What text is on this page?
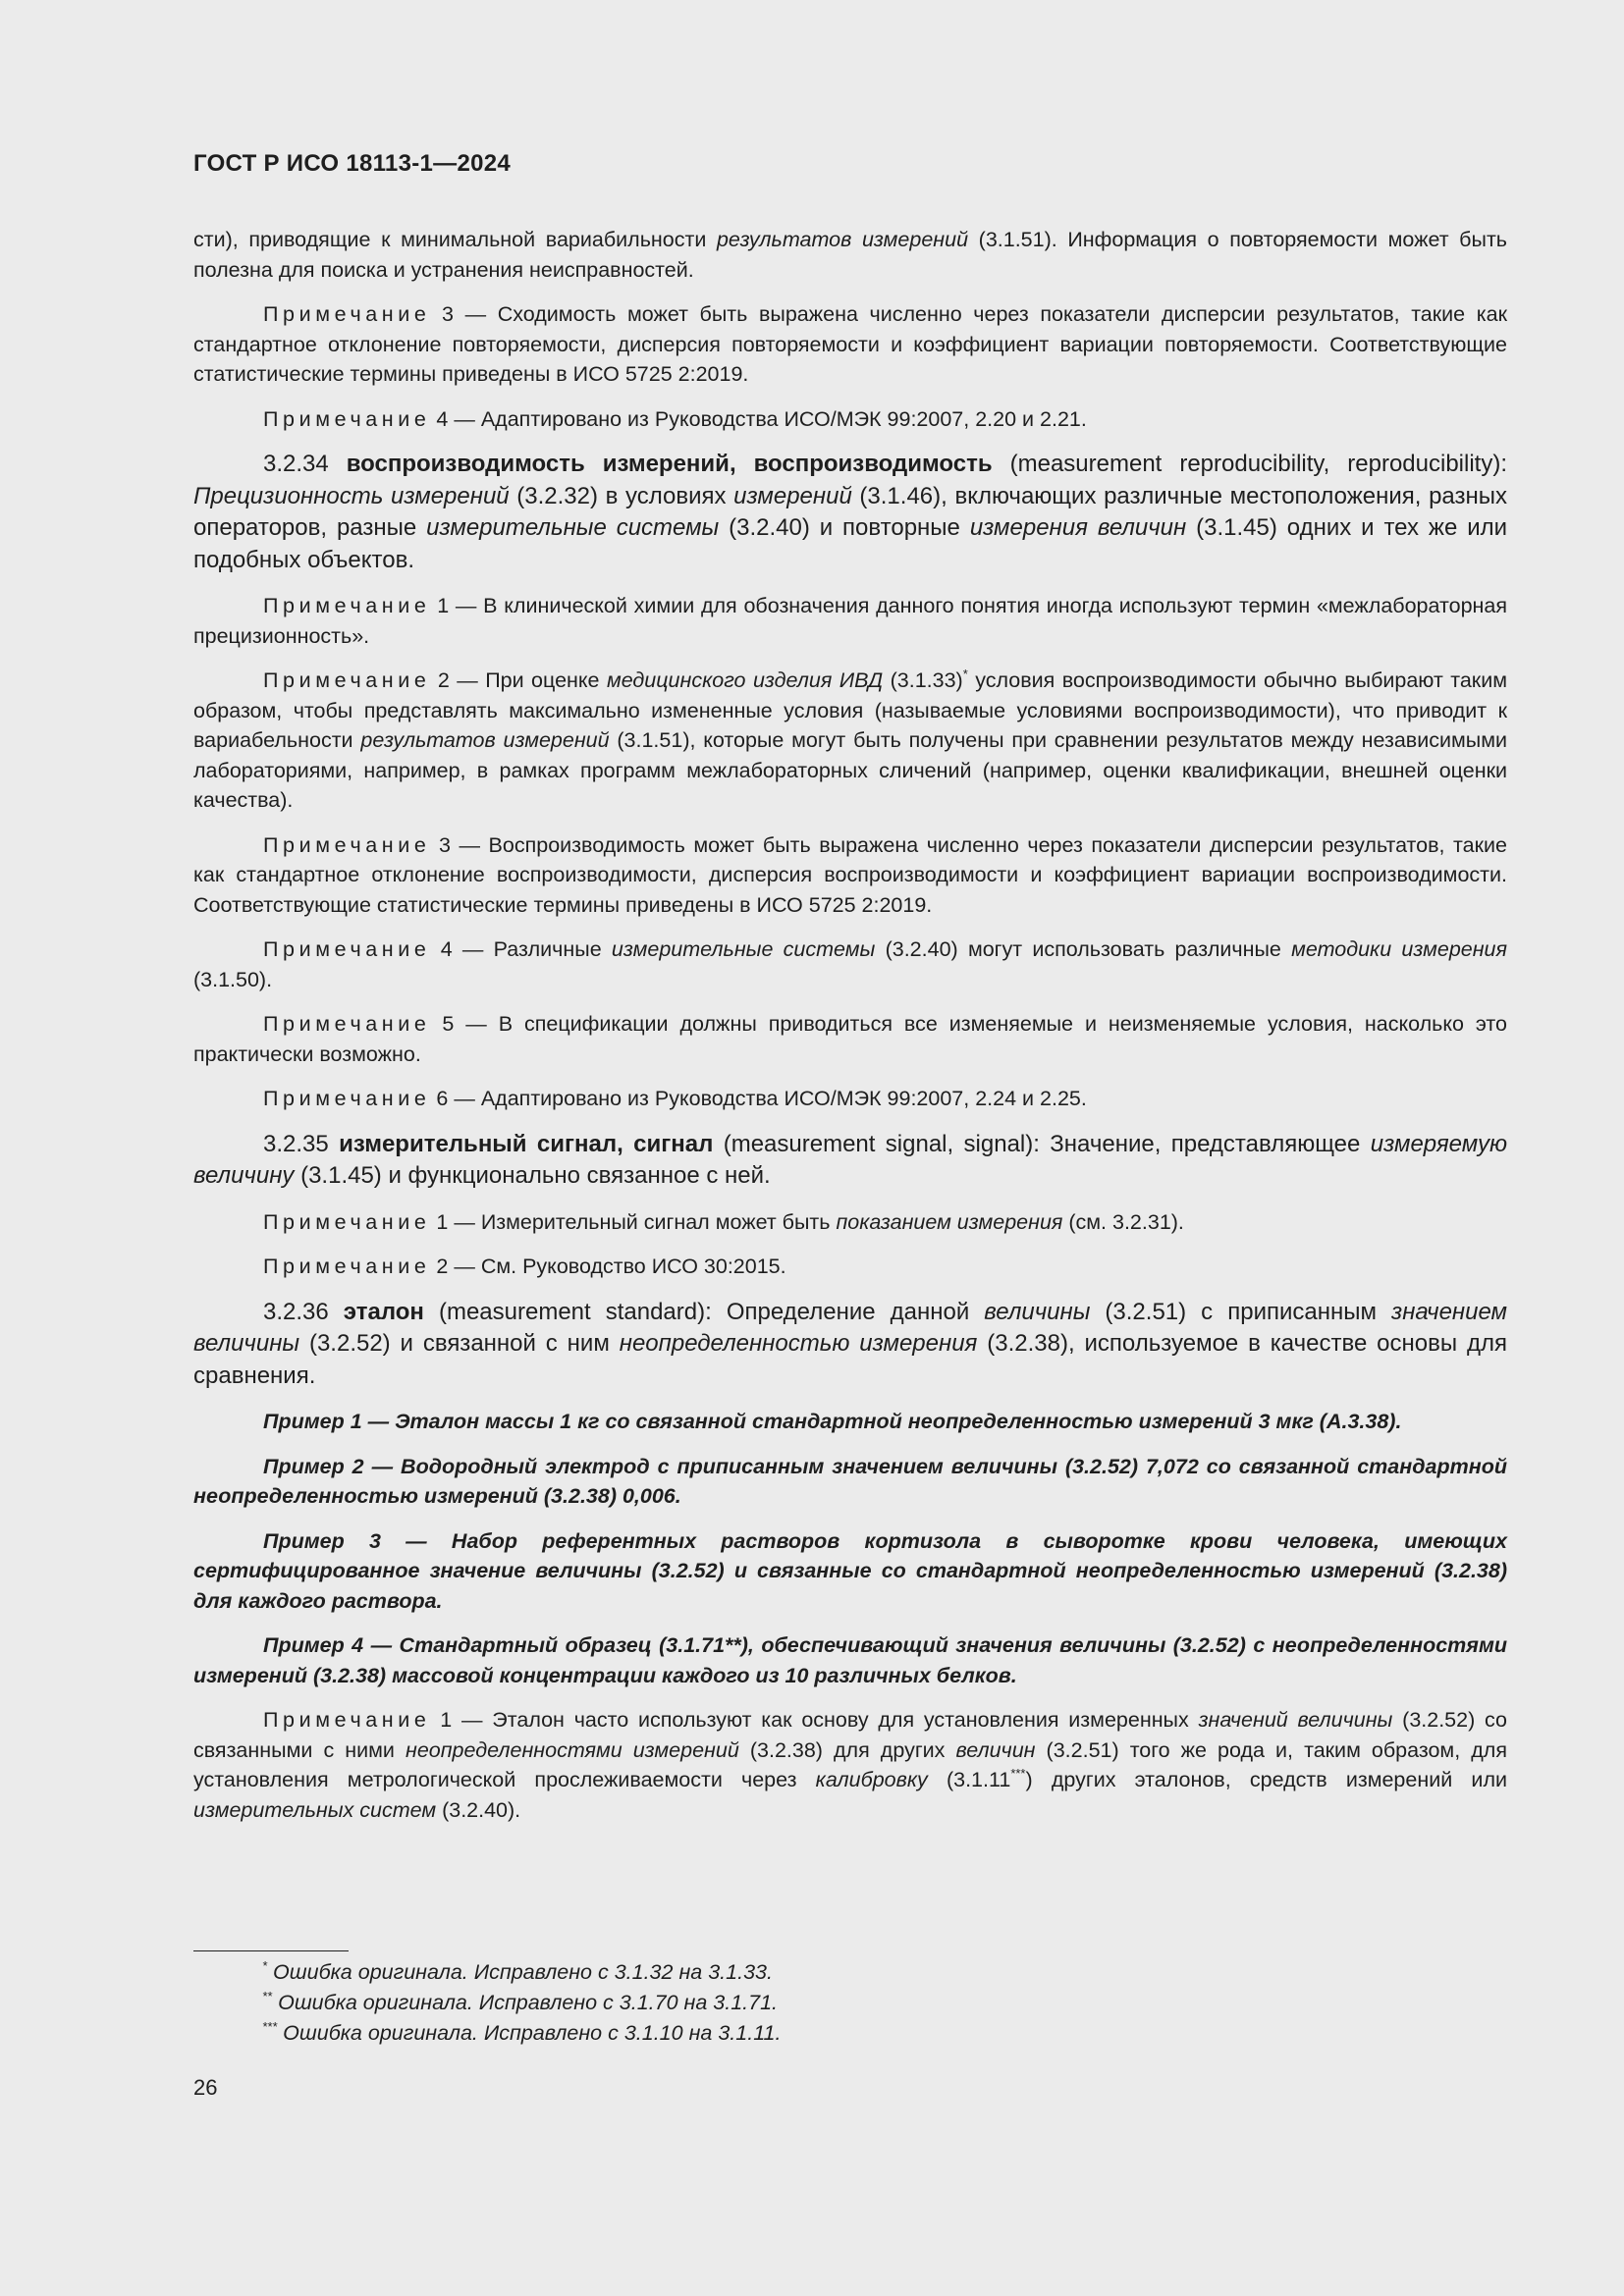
ГОСТ Р ИСО 18113-1—2024

сти), приводящие к минимальной вариабильности результатов измерений (3.1.51). Информация о повторяемости может быть полезна для поиска и устранения неисправностей.

Примечание 3 — Сходимость может быть выражена численно через показатели дисперсии результатов, такие как стандартное отклонение повторяемости, дисперсия повторяемости и коэффициент вариации повторяемости. Соответствующие статистические термины приведены в ИСО 5725 2:2019.

Примечание 4 — Адаптировано из Руководства ИСО/МЭК 99:2007, 2.20 и 2.21.

3.2.34 воспроизводимость измерений, воспроизводимость (measurement reproducibility, reproducibility): Прецизионность измерений (3.2.32) в условиях измерений (3.1.46), включающих различные местоположения, разных операторов, разные измерительные системы (3.2.40) и повторные измерения величин (3.1.45) одних и тех же или подобных объектов.

Примечание 1 — В клинической химии для обозначения данного понятия иногда используют термин «межлабораторная прецизионность».

Примечание 2 — При оценке медицинского изделия ИВД (3.1.33)* условия воспроизводимости обычно выбирают таким образом, чтобы представлять максимально измененные условия (называемые условиями воспроизводимости), что приводит к вариабельности результатов измерений (3.1.51), которые могут быть получены при сравнении результатов между независимыми лабораториями, например, в рамках программ межлабораторных сличений (например, оценки квалификации, внешней оценки качества).

Примечание 3 — Воспроизводимость может быть выражена численно через показатели дисперсии результатов, такие как стандартное отклонение воспроизводимости, дисперсия воспроизводимости и коэффициент вариации воспроизводимости. Соответствующие статистические термины приведены в ИСО 5725 2:2019.

Примечание 4 — Различные измерительные системы (3.2.40) могут использовать различные методики измерения (3.1.50).

Примечание 5 — В спецификации должны приводиться все изменяемые и неизменяемые условия, насколько это практически возможно.

Примечание 6 — Адаптировано из Руководства ИСО/МЭК 99:2007, 2.24 и 2.25.

3.2.35 измерительный сигнал, сигнал (measurement signal, signal): Значение, представляющее измеряемую величину (3.1.45) и функционально связанное с ней.

Примечание 1 — Измерительный сигнал может быть показанием измерения (см. 3.2.31).

Примечание 2 — См. Руководство ИСО 30:2015.

3.2.36 эталон (measurement standard): Определение данной величины (3.2.51) с приписанным значением величины (3.2.52) и связанной с ним неопределенностью измерения (3.2.38), используемое в качестве основы для сравнения.

Пример 1 — Эталон массы 1 кг со связанной стандартной неопределенностью измерений 3 мкг (А.3.38).

Пример 2 — Водородный электрод с приписанным значением величины (3.2.52) 7,072 со связанной стандартной неопределенностью измерений (3.2.38) 0,006.

Пример 3 — Набор референтных растворов кортизола в сыворотке крови человека, имеющих сертифицированное значение величины (3.2.52) и связанные со стандартной неопределенностью измерений (3.2.38) для каждого раствора.

Пример 4 — Стандартный образец (3.1.71**), обеспечивающий значения величины (3.2.52) с неопределенностями измерений (3.2.38) массовой концентрации каждого из 10 различных белков.

Примечание 1 — Эталон часто используют как основу для установления измеренных значений величины (3.2.52) со связанными с ними неопределенностями измерений (3.2.38) для других величин (3.2.51) того же рода и, таким образом, для установления метрологической прослеживаемости через калибровку (3.1.11***) других эталонов, средств измерений или измерительных систем (3.2.40).

* Ошибка оригинала. Исправлено с 3.1.32 на 3.1.33.
** Ошибка оригинала. Исправлено с 3.1.70 на 3.1.71.
*** Ошибка оригинала. Исправлено с 3.1.10 на 3.1.11.
26
